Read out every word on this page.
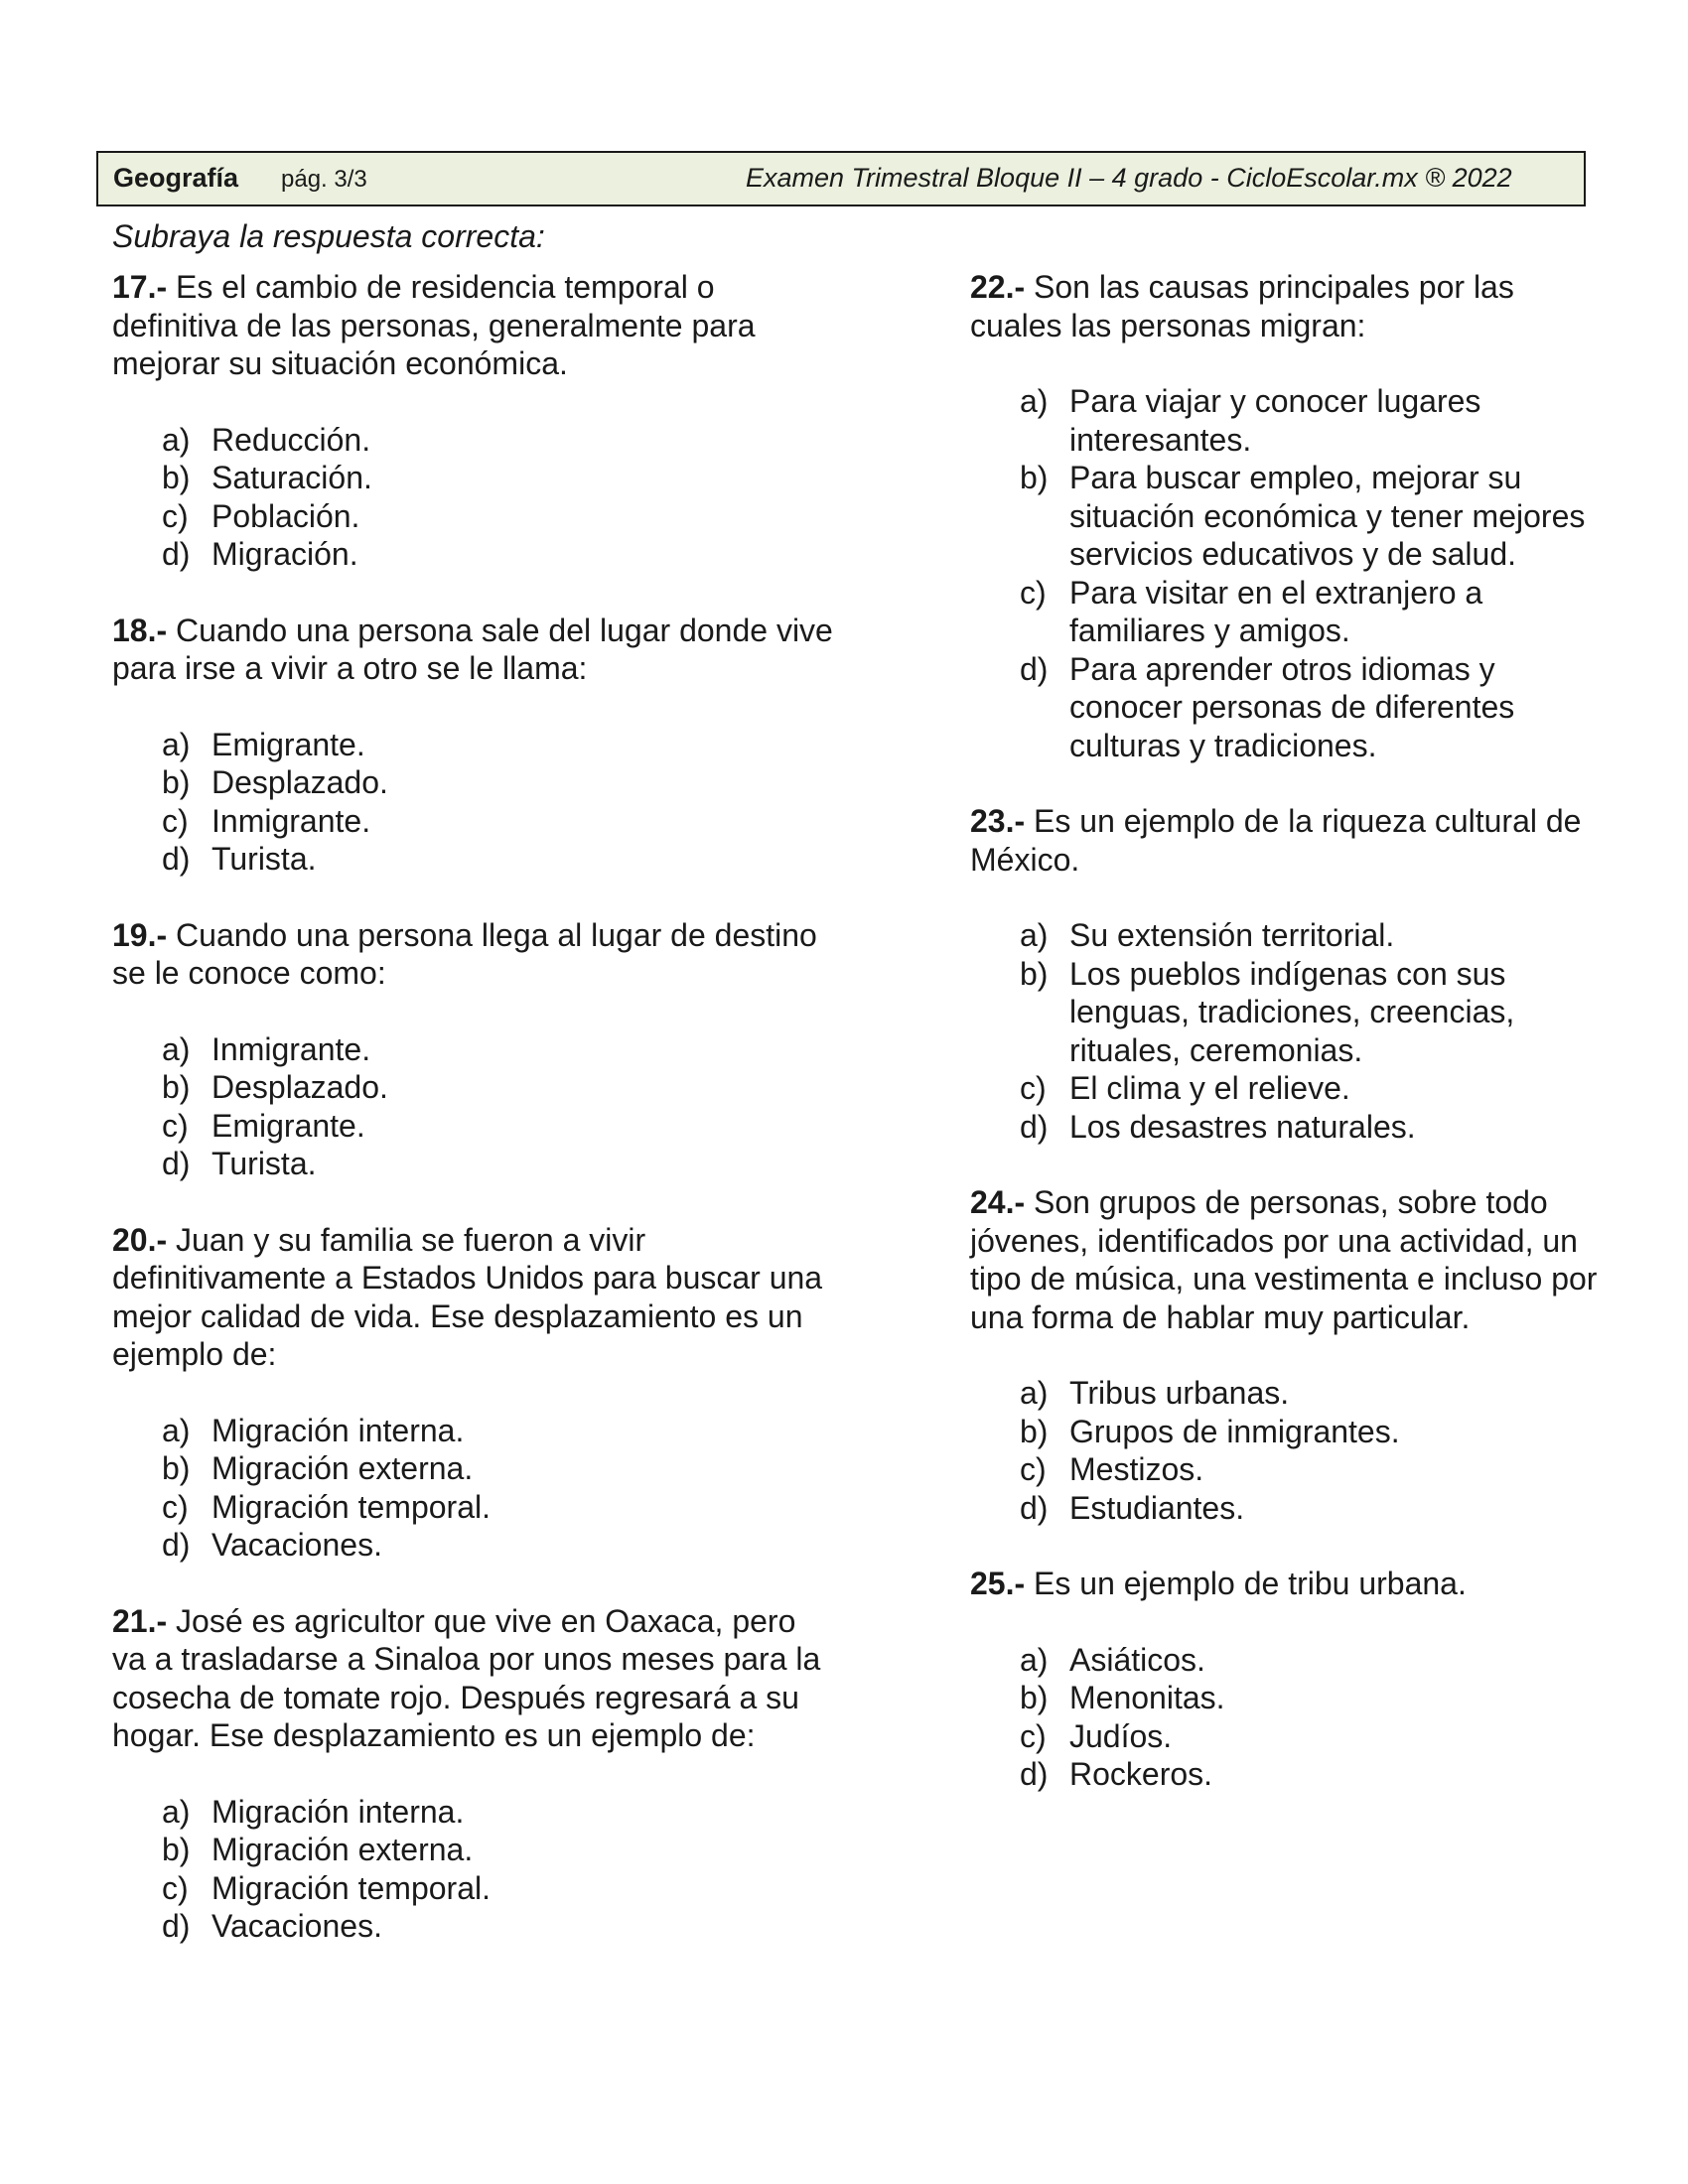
Geografía pág. 3/3	Examen Trimestral Bloque II – 4 grado - CicloEscolar.mx ® 2022
Subraya la respuesta correcta:

17.- Es el cambio de residencia temporal o definitiva de las personas, generalmente para mejorar su situación económica.

a) Reducción.
b) Saturación.
c) Población.
d) Migración.

18.- Cuando una persona sale del lugar donde vive para irse a vivir a otro se le llama:

a) Emigrante.
b) Desplazado.
c) Inmigrante.
d) Turista.

19.- Cuando una persona llega al lugar de destino se le conoce como:

a) Inmigrante.
b) Desplazado.
c) Emigrante.
d) Turista.

20.- Juan y su familia se fueron a vivir definitivamente a Estados Unidos para buscar una mejor calidad de vida. Ese desplazamiento es un ejemplo de:

a) Migración interna.
b) Migración externa.
c) Migración temporal.
d) Vacaciones.

21.- José es agricultor que vive en Oaxaca, pero va a trasladarse a Sinaloa por unos meses para la cosecha de tomate rojo. Después regresará a su hogar. Ese desplazamiento es un ejemplo de:

a) Migración interna.
b) Migración externa.
c) Migración temporal.
d) Vacaciones.

22.- Son las causas principales por las cuales las personas migran:

a) Para viajar y conocer lugares interesantes.
b) Para buscar empleo, mejorar su situación económica y tener mejores servicios educativos y de salud.
c) Para visitar en el extranjero a familiares y amigos.
d) Para aprender otros idiomas y conocer personas de diferentes culturas y tradiciones.

23.- Es un ejemplo de la riqueza cultural de México.

a) Su extensión territorial.
b) Los pueblos indígenas con sus lenguas, tradiciones, creencias, rituales, ceremonias.
c) El clima y el relieve.
d) Los desastres naturales.

24.- Son grupos de personas, sobre todo jóvenes, identificados por una actividad, un tipo de música, una vestimenta e incluso por una forma de hablar muy particular.

a) Tribus urbanas.
b) Grupos de inmigrantes.
c) Mestizos.
d) Estudiantes.

25.- Es un ejemplo de tribu urbana.

a) Asiáticos.
b) Menonitas.
c) Judíos.
d) Rockeros.
